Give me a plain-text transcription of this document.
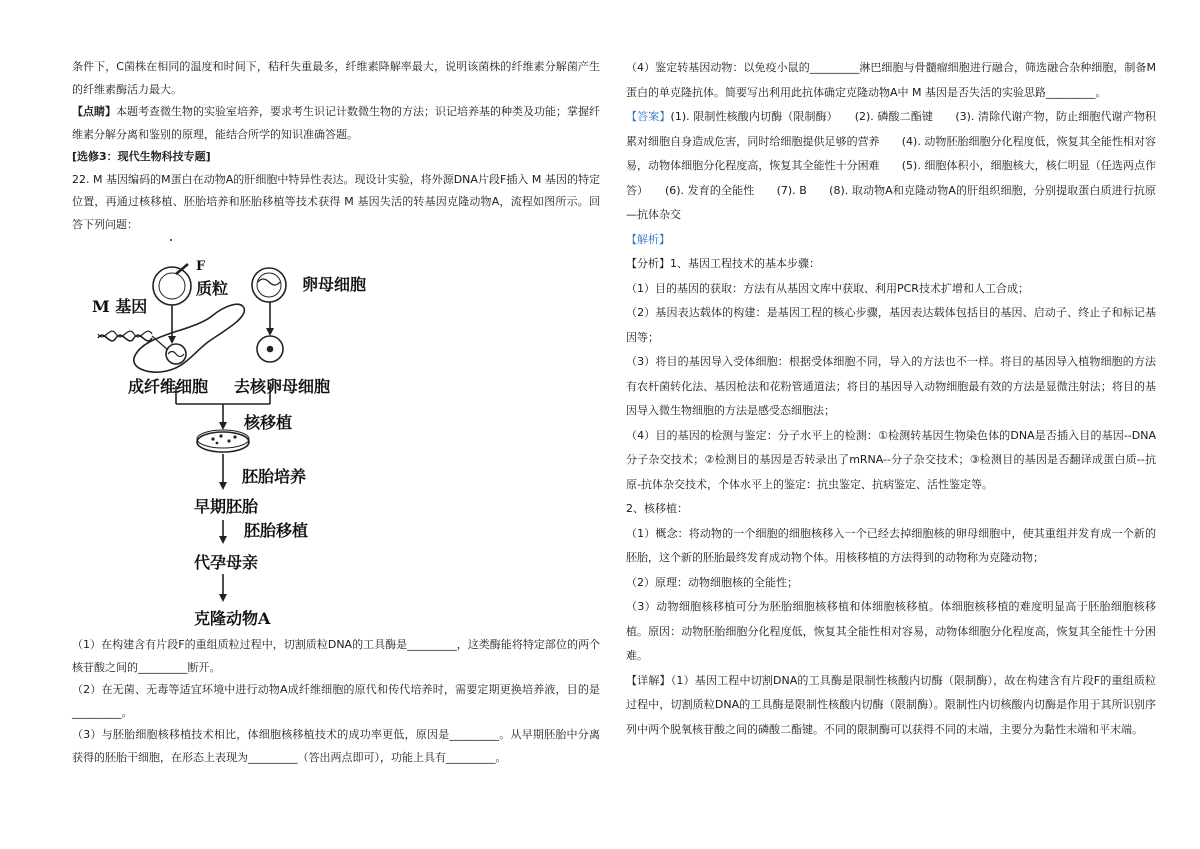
条件下，C菌株在相同的温度和时间下，秸秆失重最多，纤维素降解率最大，说明该菌株的纤维素分解菌产生的纤维素酶活力最大。

【点睛】本题考查微生物的实验室培养，要求考生识记计数微生物的方法；识记培养基的种类及功能；掌握纤维素分解分离和鉴别的原理，能结合所学的知识准确答题。

[选修3：现代生物科技专题]

22. M 基因编码的M蛋白在动物A的肝细胞中特异性表达。现设计实验，将外源DNA片段F插入 M 基因的特定位置，再通过核移植、胚胎培养和胚胎移植等技术获得 M 基因失活的转基因克隆动物A，流程如图所示。回答下列问题：

F
质粒	卵母细胞
M 基因
成纤维细胞 去核卵母细胞
核移植
胚胎培养
早期胚胎
胚胎移植
代孕母亲
克隆动物A

（1）在构建含有片段F的重组质粒过程中，切割质粒DNA的工具酶是_________，这类酶能将特定部位的两个核苷酸之间的_________断开。

（2）在无菌、无毒等适宜环境中进行动物A成纤维细胞的原代和传代培养时，需要定期更换培养液，目的是_________。

（3）与胚胎细胞核移植技术相比，体细胞核移植技术的成功率更低，原因是_________。从早期胚胎中分离获得的胚胎干细胞，在形态上表现为_________（答出两点即可），功能上具有_________。

（4）鉴定转基因动物：以免疫小鼠的_________淋巴细胞与骨髓瘤细胞进行融合，筛选融合杂种细胞，制备M蛋白的单克隆抗体。简要写出利用此抗体确定克隆动物A中 M 基因是否失活的实验思路_________。

【答案】(1). 限制性核酸内切酶（限制酶）　　(2). 磷酸二酯键　　(3). 清除代谢产物，防止细胞代谢产物积累对细胞自身造成危害，同时给细胞提供足够的营养　　(4). 动物胚胎细胞分化程度低，恢复其全能性相对容易，动物体细胞分化程度高，恢复其全能性十分困难　　(5). 细胞体积小，细胞核大，核仁明显（任选两点作答）　　(6). 发育的全能性　　(7). B　　(8). 取动物A和克隆动物A的肝组织细胞，分别提取蛋白质进行抗原—抗体杂交

【解析】

【分析】1、基因工程技术的基本步骤：

（1）目的基因的获取：方法有从基因文库中获取、利用PCR技术扩增和人工合成；

（2）基因表达载体的构建：是基因工程的核心步骤，基因表达载体包括目的基因、启动子、终止子和标记基因等；

（3）将目的基因导入受体细胞：根据受体细胞不同，导入的方法也不一样。将目的基因导入植物细胞的方法有农杆菌转化法、基因枪法和花粉管通道法；将目的基因导入动物细胞最有效的方法是显微注射法；将目的基因导入微生物细胞的方法是感受态细胞法；

（4）目的基因的检测与鉴定：分子水平上的检测：①检测转基因生物染色体的DNA是否插入目的基因--DNA分子杂交技术；②检测目的基因是否转录出了mRNA--分子杂交技术；③检测目的基因是否翻译成蛋白质--抗原-抗体杂交技术，个体水平上的鉴定：抗虫鉴定、抗病鉴定、活性鉴定等。

2、核移植：

（1）概念：将动物的一个细胞的细胞核移入一个已经去掉细胞核的卵母细胞中，使其重组并发育成一个新的胚胎，这个新的胚胎最终发育成动物个体。用核移植的方法得到的动物称为克隆动物；

（2）原理：动物细胞核的全能性；

（3）动物细胞核移植可分为胚胎细胞核移植和体细胞核移植。体细胞核移植的难度明显高于胚胎细胞核移植。原因：动物胚胎细胞分化程度低，恢复其全能性相对容易，动物体细胞分化程度高，恢复其全能性十分困难。

【详解】（1）基因工程中切割DNA的工具酶是限制性核酸内切酶（限制酶），故在构建含有片段F的重组质粒过程中，切割质粒DNA的工具酶是限制性核酸内切酶（限制酶）。限制性内切核酸内切酶是作用于其所识别序列中两个脱氧核苷酸之间的磷酸二酯键。不同的限制酶可以获得不同的末端，主要分为黏性末端和平末端。
